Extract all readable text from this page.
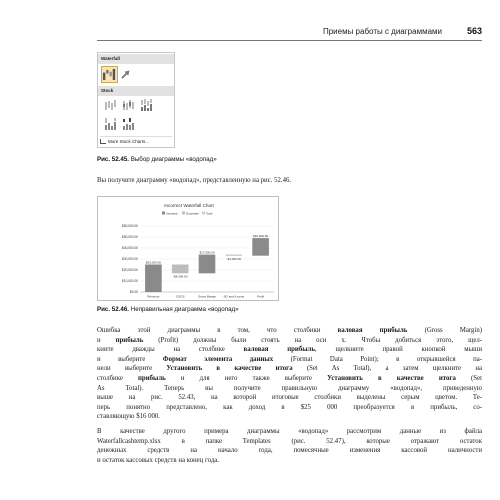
Приемы работы с диаграммами	563
Waterfall
Stock
More Stock Charts...
Рис. 52.45. Выбор диаграммы «водопад»
Вы получите диаграмму «водопад», представленную на рис. 52.46.
Incorrect Waterfall Chart
Increase	Decrease Total
$0.00
$10,000.00
$20,000.00
$30,000.00
$40,000.00
$50,000.00
$60,000.00
$25,000.00
Revenue
-$8,000.00
COGS
$17,000.00
Gross Margin
-$1,000.00
SG and A costs
$16,000.00
Profit
Рис. 52.46. Неправильная диаграмма «водопад»
Ошибка этой диаграммы в том, что столбики валовая прибыль (Gross Margin)
и прибыль (Profit) должны были стоять на оси x. Чтобы добиться этого, щел-
кните дважды на столбике валовая прибыль, щелкните правой кнопкой мыши
и выберите Формат элемента данных (Format Data Point); в открывшейся па-
нели выберите Установить в качестве итога (Set As Total), а затем щелкните на
столбике прибыль и для него также выберите Установить в качестве итога (Set
As Total). Теперь вы получите правильную диаграмму «водопад», приведенную
выше на рис. 52.43, на которой итоговые столбики выделены серым цветом. Те-
перь понятно представлено, как доход в $25 000 преобразуется в прибыль, со-
ставляющую $16 000.
В качестве другого примера диаграммы «водопад» рассмотрим данные из файла
Waterfallcashtemp.xlsx в папке Templates (рис. 52.47), которые отражают остаток
денежных средств на начало года, помесячные изменения кассовой наличности
и остаток кассовых средств на конец года.
